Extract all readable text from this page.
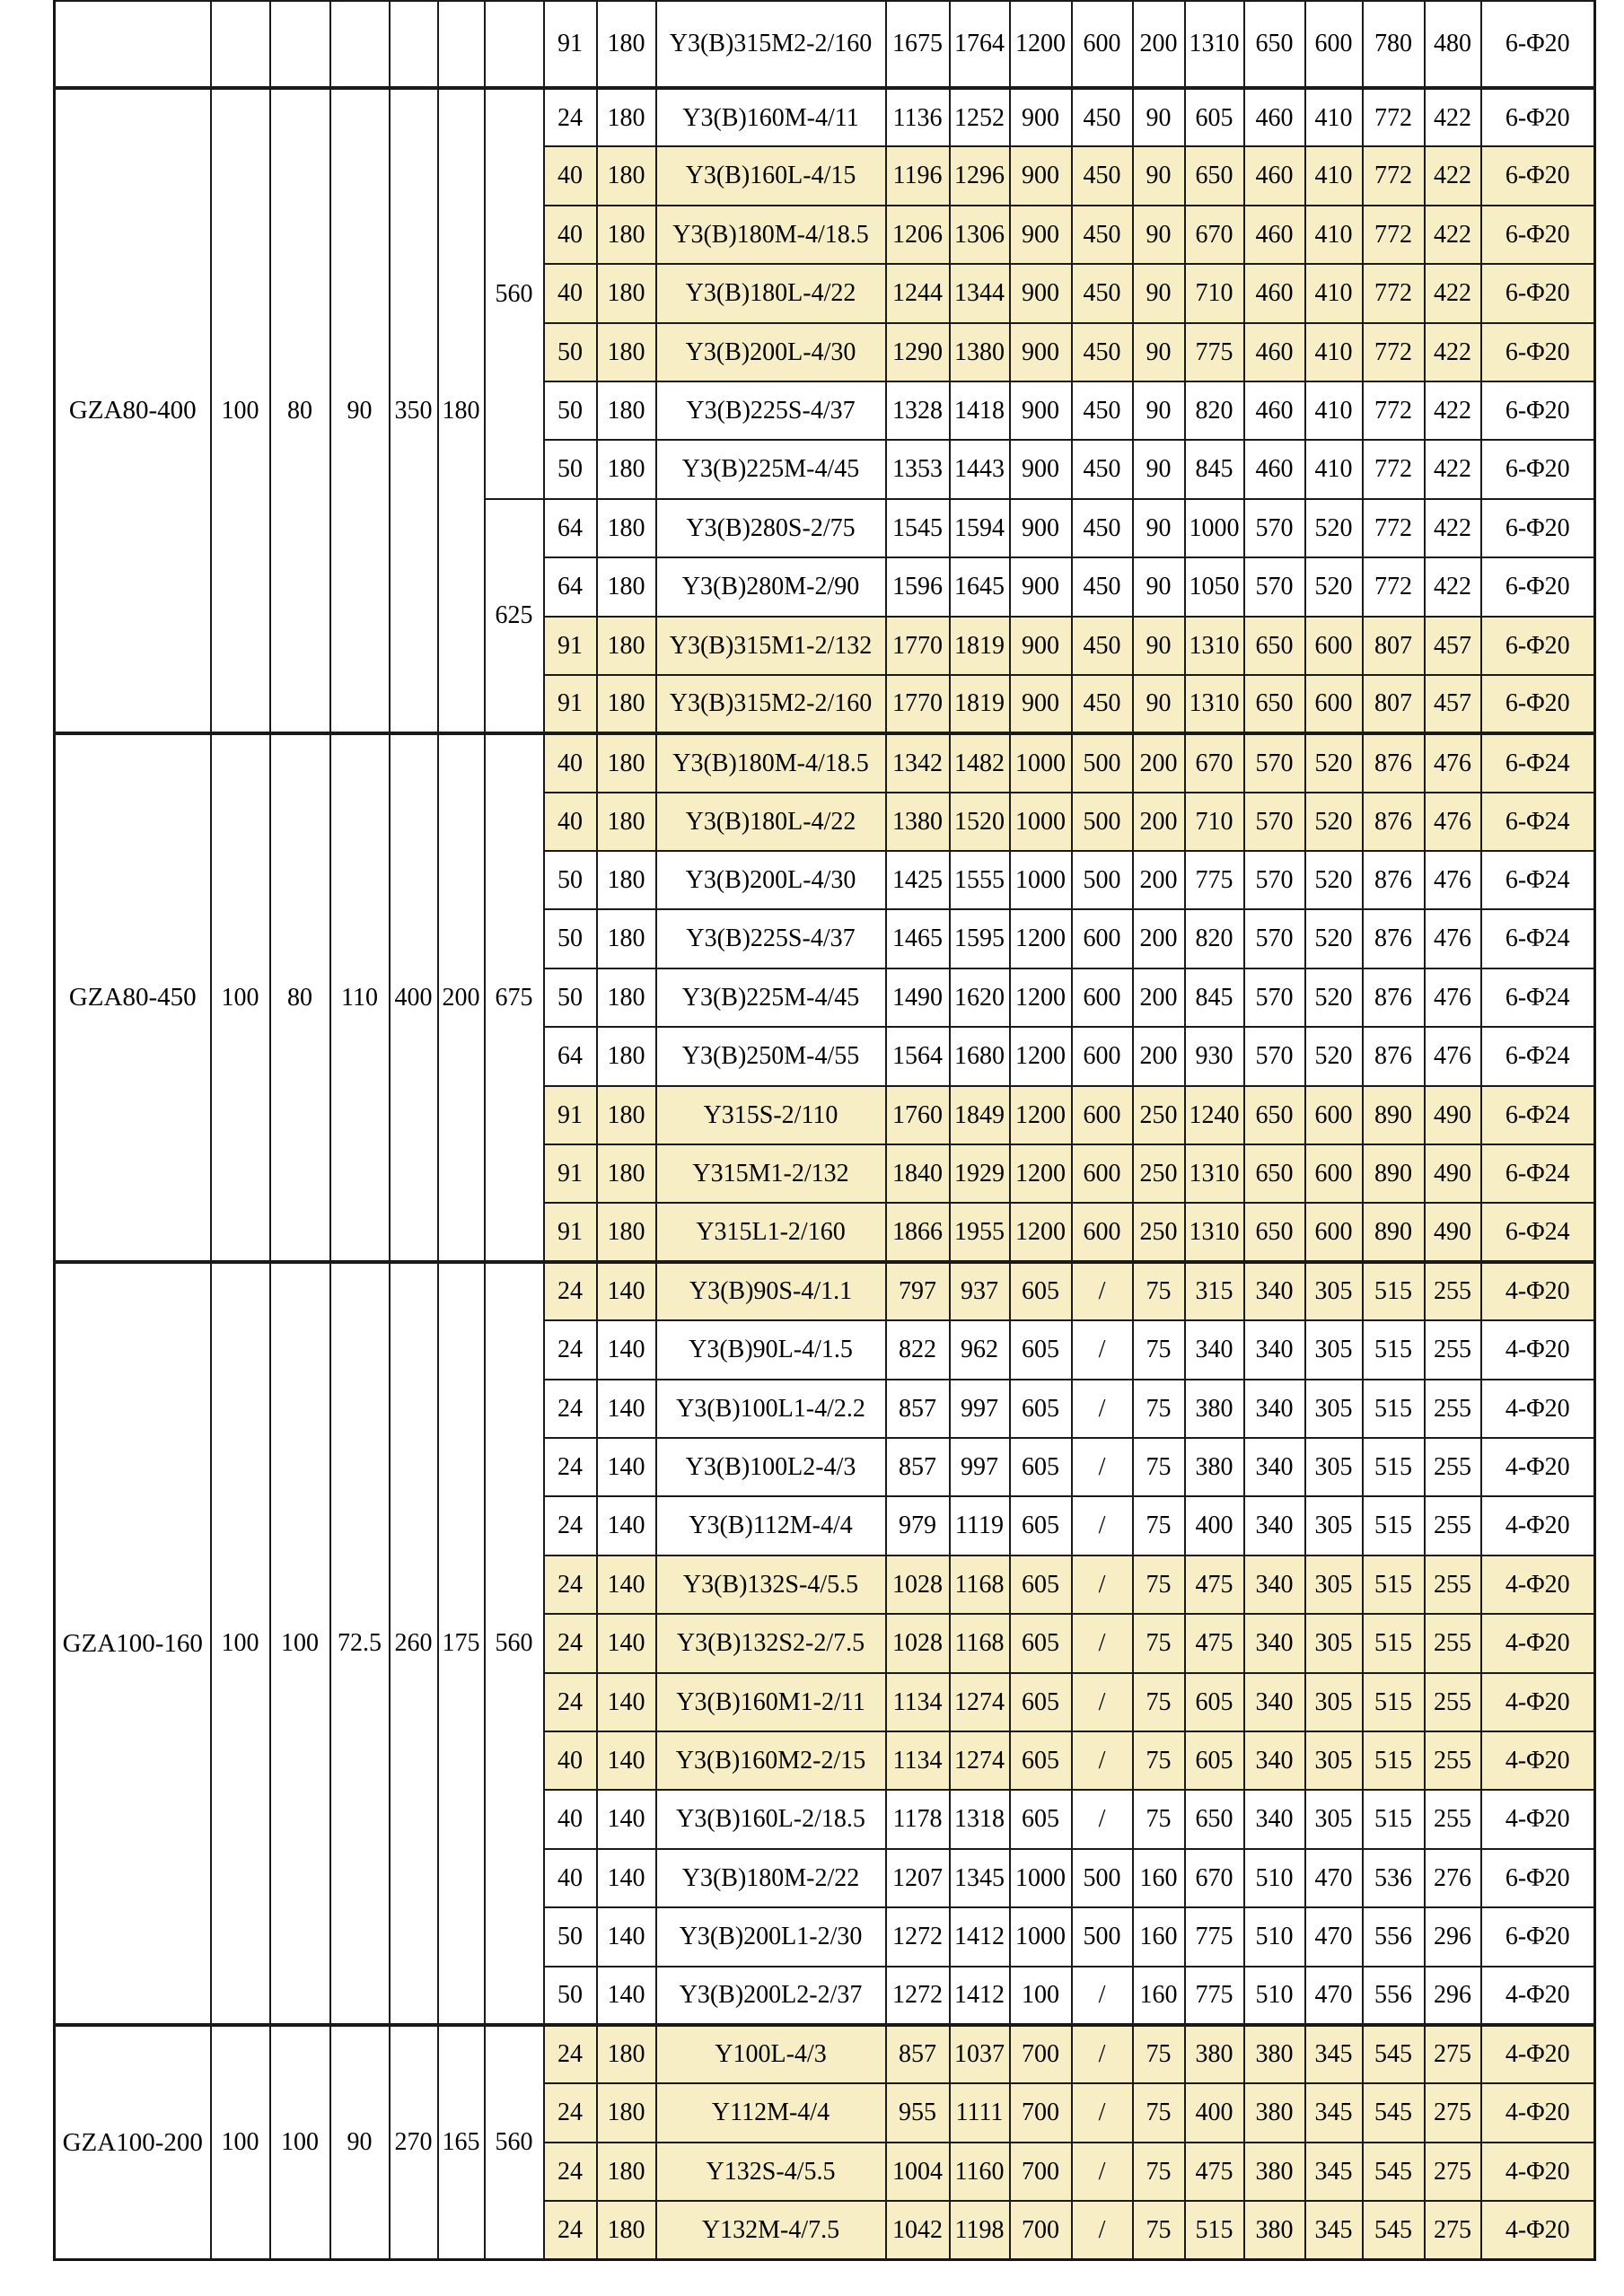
							91	180	Y3(B)315M2-2/160	1675	1764	1200	600	200	1310	650	600	780	480	6-Φ20
GZA80-400	100	80	90	350	180	560	24	180	Y3(B)160M-4/11	1136	1252	900	450	90	605	460	410	772	422	6-Φ20
							40	180	Y3(B)160L-4/15	1196	1296	900	450	90	650	460	410	772	422	6-Φ20
							40	180	Y3(B)180M-4/18.5	1206	1306	900	450	90	670	460	410	772	422	6-Φ20
							40	180	Y3(B)180L-4/22	1244	1344	900	450	90	710	460	410	772	422	6-Φ20
							50	180	Y3(B)200L-4/30	1290	1380	900	450	90	775	460	410	772	422	6-Φ20
							50	180	Y3(B)225S-4/37	1328	1418	900	450	90	820	460	410	772	422	6-Φ20
							50	180	Y3(B)225M-4/45	1353	1443	900	450	90	845	460	410	772	422	6-Φ20
						625	64	180	Y3(B)280S-2/75	1545	1594	900	450	90	1000	570	520	772	422	6-Φ20
							64	180	Y3(B)280M-2/90	1596	1645	900	450	90	1050	570	520	772	422	6-Φ20
							91	180	Y3(B)315M1-2/132	1770	1819	900	450	90	1310	650	600	807	457	6-Φ20
							91	180	Y3(B)315M2-2/160	1770	1819	900	450	90	1310	650	600	807	457	6-Φ20
GZA80-450	100	80	110	400	200	675	40	180	Y3(B)180M-4/18.5	1342	1482	1000	500	200	670	570	520	876	476	6-Φ24
							40	180	Y3(B)180L-4/22	1380	1520	1000	500	200	710	570	520	876	476	6-Φ24
							50	180	Y3(B)200L-4/30	1425	1555	1000	500	200	775	570	520	876	476	6-Φ24
							50	180	Y3(B)225S-4/37	1465	1595	1200	600	200	820	570	520	876	476	6-Φ24
							50	180	Y3(B)225M-4/45	1490	1620	1200	600	200	845	570	520	876	476	6-Φ24
							64	180	Y3(B)250M-4/55	1564	1680	1200	600	200	930	570	520	876	476	6-Φ24
							91	180	Y315S-2/110	1760	1849	1200	600	250	1240	650	600	890	490	6-Φ24
							91	180	Y315M1-2/132	1840	1929	1200	600	250	1310	650	600	890	490	6-Φ24
							91	180	Y315L1-2/160	1866	1955	1200	600	250	1310	650	600	890	490	6-Φ24
GZA100-160	100	100	72.5	260	175	560	24	140	Y3(B)90S-4/1.1	797	937	605	/	75	315	340	305	515	255	4-Φ20
							24	140	Y3(B)90L-4/1.5	822	962	605	/	75	340	340	305	515	255	4-Φ20
							24	140	Y3(B)100L1-4/2.2	857	997	605	/	75	380	340	305	515	255	4-Φ20
							24	140	Y3(B)100L2-4/3	857	997	605	/	75	380	340	305	515	255	4-Φ20
							24	140	Y3(B)112M-4/4	979	1119	605	/	75	400	340	305	515	255	4-Φ20
							24	140	Y3(B)132S-4/5.5	1028	1168	605	/	75	475	340	305	515	255	4-Φ20
							24	140	Y3(B)132S2-2/7.5	1028	1168	605	/	75	475	340	305	515	255	4-Φ20
							24	140	Y3(B)160M1-2/11	1134	1274	605	/	75	605	340	305	515	255	4-Φ20
							40	140	Y3(B)160M2-2/15	1134	1274	605	/	75	605	340	305	515	255	4-Φ20
							40	140	Y3(B)160L-2/18.5	1178	1318	605	/	75	650	340	305	515	255	4-Φ20
							40	140	Y3(B)180M-2/22	1207	1345	1000	500	160	670	510	470	536	276	6-Φ20
							50	140	Y3(B)200L1-2/30	1272	1412	1000	500	160	775	510	470	556	296	6-Φ20
							50	140	Y3(B)200L2-2/37	1272	1412	100	/	160	775	510	470	556	296	4-Φ20
GZA100-200	100	100	90	270	165	560	24	180	Y100L-4/3	857	1037	700	/	75	380	380	345	545	275	4-Φ20
							24	180	Y112M-4/4	955	1111	700	/	75	400	380	345	545	275	4-Φ20
							24	180	Y132S-4/5.5	1004	1160	700	/	75	475	380	345	545	275	4-Φ20
							24	180	Y132M-4/7.5	1042	1198	700	/	75	515	380	345	545	275	4-Φ20
